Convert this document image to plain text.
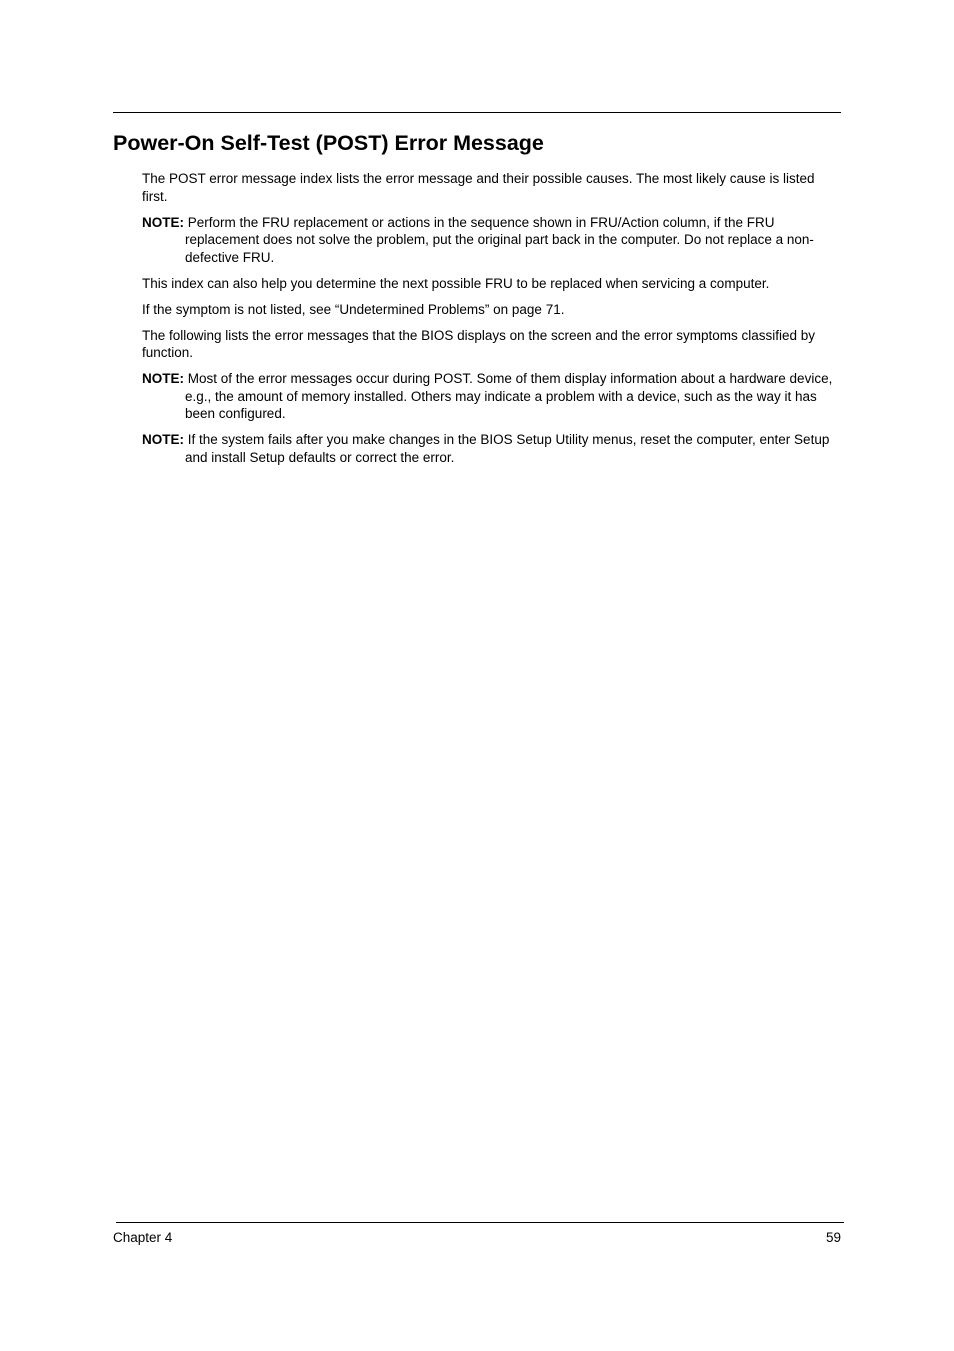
Power-On Self-Test (POST) Error Message

The POST error message index lists the error message and their possible causes. The most likely cause is listed first.

NOTE: Perform the FRU replacement or actions in the sequence shown in FRU/Action column, if the FRU replacement does not solve the problem, put the original part back in the computer. Do not replace a non-defective FRU.

This index can also help you determine the next possible FRU to be replaced when servicing a computer.

If the symptom is not listed, see “Undetermined Problems” on page 71.

The following lists the error messages that the BIOS displays on the screen and the error symptoms classified by function.

NOTE: Most of the error messages occur during POST. Some of them display information about a hardware device, e.g., the amount of memory installed. Others may indicate a problem with a device, such as the way it has been configured.

NOTE: If the system fails after you make changes in the BIOS Setup Utility menus, reset the computer, enter Setup and install Setup defaults or correct the error.

Chapter 4	59
